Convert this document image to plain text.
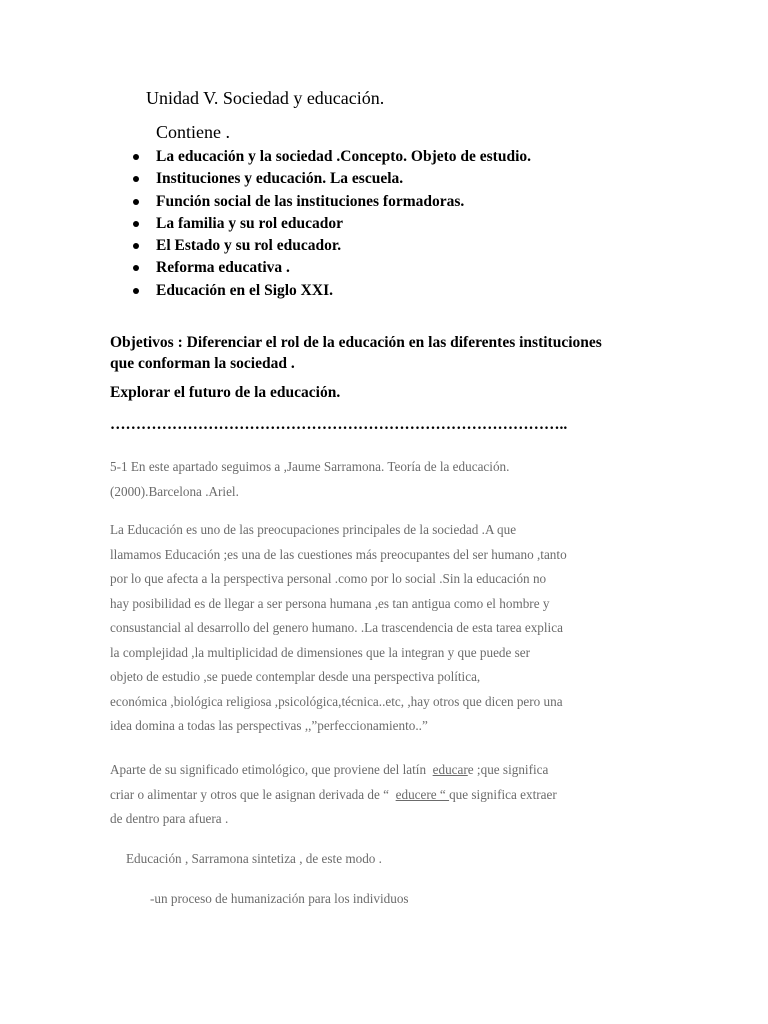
Unidad V. Sociedad y educación.
Contiene .
La educación y la sociedad .Concepto. Objeto de estudio.
Instituciones y educación. La escuela.
Función social de las instituciones formadoras.
La familia y su rol educador
El Estado y su rol educador.
Reforma educativa .
Educación en el Siglo XXI.
Objetivos : Diferenciar el rol de la educación en las diferentes instituciones
que conforman la sociedad .
Explorar el futuro de la educación.
……………………………………………………………………………..
5-1 En este apartado seguimos a ,Jaume Sarramona. Teoría de la educación.
(2000).Barcelona .Ariel.
La Educación es uno de las preocupaciones principales de la sociedad .A que
llamamos Educación ;es una de las cuestiones más preocupantes del ser humano ,tanto
por lo que afecta a la perspectiva personal .como por lo social .Sin la educación no
hay posibilidad es de llegar a ser persona humana ,es tan antigua como el hombre y
consustancial al desarrollo del genero humano. .La trascendencia de esta tarea explica
la complejidad ,la multiplicidad de dimensiones que la integran y que puede ser
objeto de estudio ,se puede contemplar desde una perspectiva política,
económica ,biológica religiosa ,psicológica,técnica..etc, ,hay otros que dicen pero una
idea domina a todas las perspectivas ,,”perfeccionamiento..”
Aparte de su significado etimológico, que proviene del latín  educare ;que significa
criar o alimentar y otros que le asignan derivada de “  educere “ que significa extraer
de dentro para afuera .
Educación , Sarramona sintetiza , de este modo .
-un proceso de humanización para los individuos
